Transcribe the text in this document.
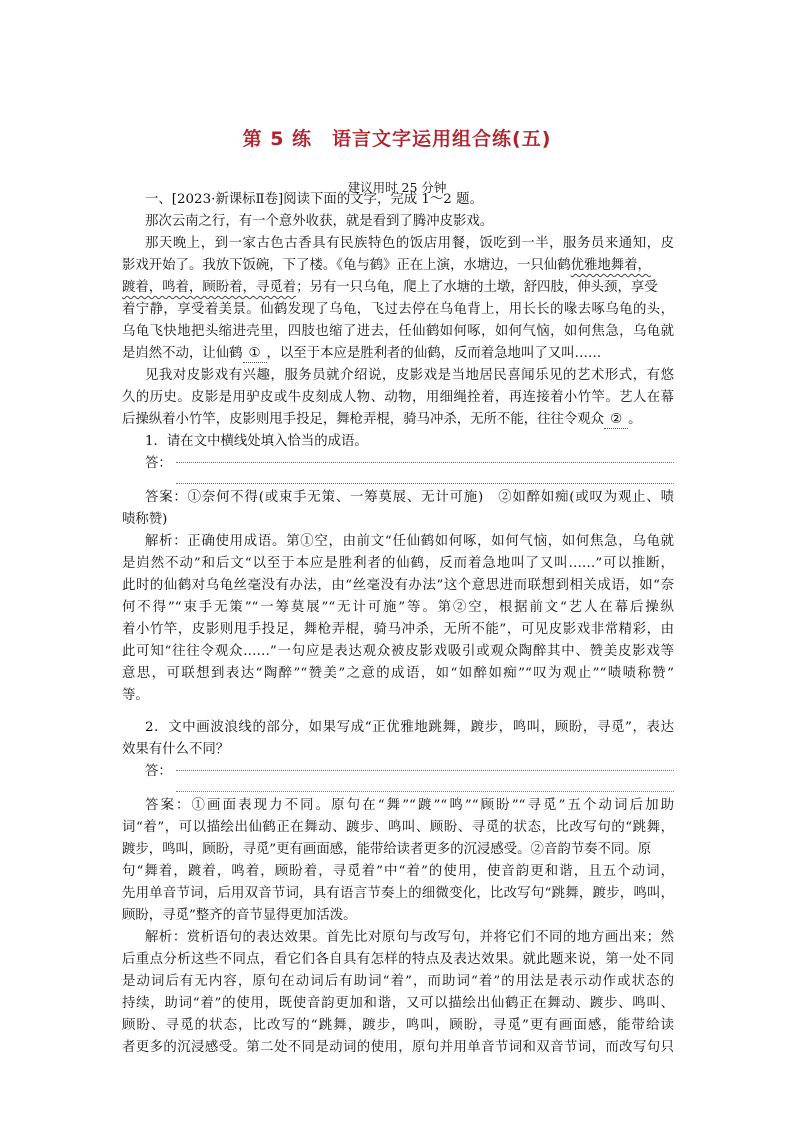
第 5 练　语言文字运用组合练(五)
建议用时 25 分钟
一、[2023·新课标Ⅱ卷]阅读下面的文字，完成 1～2 题。
那次云南之行，有一个意外收获，就是看到了腾冲皮影戏。
那天晚上，到一家古色古香具有民族特色的饭店用餐，饭吃到一半，服务员来通知，皮
影戏开始了。我放下饭碗，下了楼。《龟与鹤》正在上演，水塘边，一只仙鹤优雅地舞着，
踱着，鸣着，顾盼着，寻觅着；另有一只乌龟，爬上了水塘的土墩，舒四肢，伸头颈，享受
着宁静，享受着美景。仙鹤发现了乌龟，飞过去停在乌龟背上，用长长的喙去啄乌龟的头，
乌龟飞快地把头缩进壳里，四肢也缩了进去，任仙鹤如何啄，如何气恼，如何焦急，乌龟就
是岿然不动，让仙鹤 ① ，以至于本应是胜利者的仙鹤，反而着急地叫了又叫……
见我对皮影戏有兴趣，服务员就介绍说，皮影戏是当地居民喜闻乐见的艺术形式，有悠
久的历史。皮影是用驴皮或牛皮刻成人物、动物，用细绳拴着，再连接着小竹竿。艺人在幕
后操纵着小竹竿，皮影则甩手投足，舞枪弄棍，骑马冲杀，无所不能，往往令观众 ② 。
1．请在文中横线处填入恰当的成语。
答：
答案：①奈何不得(或束手无策、一筹莫展、无计可施)　②如醉如痴(或叹为观止、啧
啧称赞)
解析：正确使用成语。第①空，由前文“任仙鹤如何啄，如何气恼，如何焦急，乌龟就
是岿然不动”和后文“以至于本应是胜利者的仙鹤，反而着急地叫了又叫……”可以推断，
此时的仙鹤对乌龟丝毫没有办法，由“丝毫没有办法”这个意思进而联想到相关成语，如“奈
何不得”“束手无策”“一筹莫展”“无计可施”等。第②空，根据前文“艺人在幕后操纵
着小竹竿，皮影则甩手投足，舞枪弄棍，骑马冲杀，无所不能”，可见皮影戏非常精彩，由
此可知“往往令观众……”一句应是表达观众被皮影戏吸引或观众陶醉其中、赞美皮影戏等
意思，可联想到表达“陶醉”“赞美”之意的成语，如“如醉如痴”“叹为观止”“啧啧称赞”
等。
2．文中画波浪线的部分，如果写成“正优雅地跳舞，踱步，鸣叫，顾盼，寻觅”，表达
效果有什么不同？
答：
答案：①画面表现力不同。原句在“舞”“踱”“鸣”“顾盼”“寻觅”五个动词后加助
词“着”，可以描绘出仙鹤正在舞动、踱步、鸣叫、顾盼、寻觅的状态，比改写句的“跳舞，
踱步，鸣叫，顾盼，寻觅”更有画面感，能带给读者更多的沉浸感受。②音韵节奏不同。原
句“舞着，踱着，鸣着，顾盼着，寻觅着”中“着”的使用，使音韵更和谐，且五个动词，
先用单音节词，后用双音节词，具有语言节奏上的细微变化，比改写句“跳舞，踱步，鸣叫，
顾盼，寻觅”整齐的音节显得更加活泼。
解析：赏析语句的表达效果。首先比对原句与改写句，并将它们不同的地方画出来；然
后重点分析这些不同点，看它们各自具有怎样的特点及表达效果。就此题来说，第一处不同
是动词后有无内容，原句在动词后有助词“着”，而助词“着”的用法是表示动作或状态的
持续，助词“着”的使用，既使音韵更加和谐，又可以描绘出仙鹤正在舞动、踱步、鸣叫、
顾盼、寻觅的状态，比改写的“跳舞，踱步，鸣叫，顾盼，寻觅”更有画面感，能带给读
者更多的沉浸感受。第二处不同是动词的使用，原句并用单音节词和双音节词，而改写句只
